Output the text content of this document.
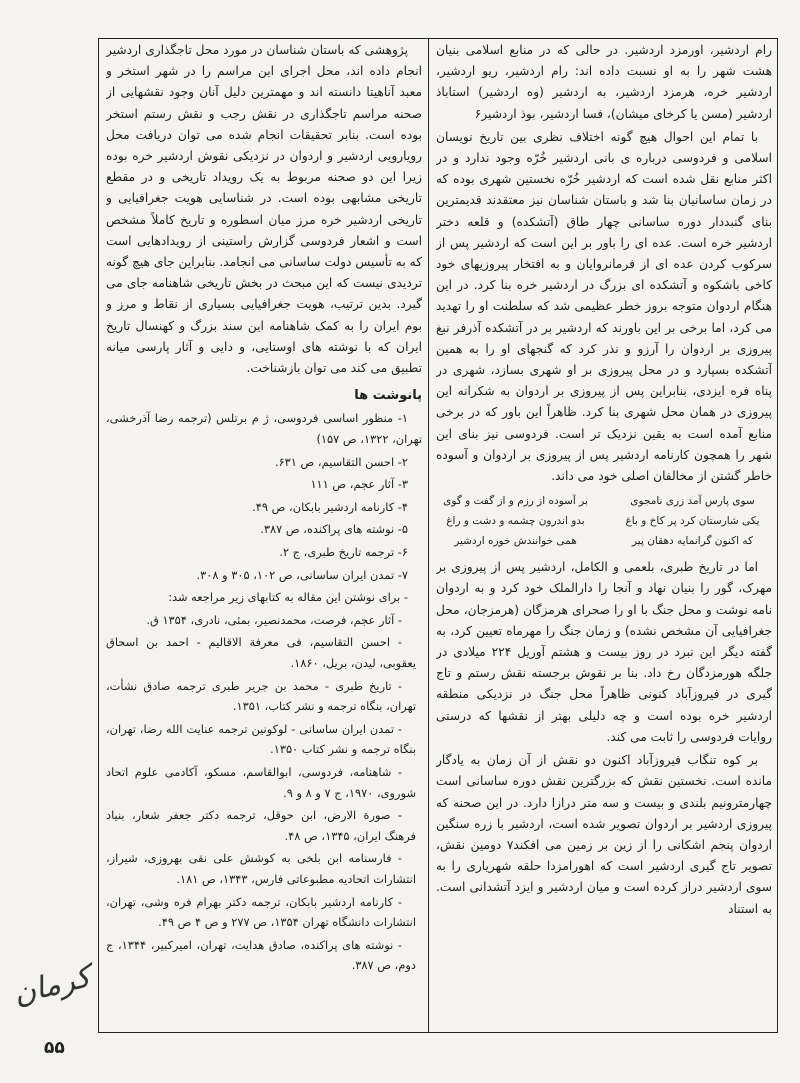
رام اردشیر، اورمزد اردشیر. در حالی که در منابع اسلامی بنیان هشت شهر را به او نسبت داده اند: رام اردشیر، ریو اردشیر، اردشیر خره، هرمزد اردشیر، به اردشیر (وه اردشیر) استاباذ اردشیر (مسن یا کرخای میشان)، فسا اردشیر، بوذ اردشیر۶

با تمام این احوال هیچ گونه اختلاف نظری بین تاریخ نویسان اسلامی و فردوسی درباره ی بانی اردشیر خُرّه وجود ندارد و در اکثر منابع نقل شده است که اردشیر خُرّه نخستین شهری بوده که در زمان ساسانیان بنا شد و باستان شناسان نیز معتقدند قدیمترین بنای گنبددار دوره ساسانی چهار طاق (آتشکده) و قلعه دختر اردشیر خره است. عده ای را باور بر این است که اردشیر پس از سرکوب کردن عده ای از فرمانروایان و به افتخار پیروزیهای خود کاخی باشکوه و آتشکده ای بزرگ در اردشیر خره بنا کرد. در این هنگام اردوان متوجه بروز خطر عظیمی شد که سلطنت او را تهدید می کرد، اما برخی بر این باورند که اردشیر بر در آتشکده آذرفر نبغ پیروزی بر اردوان را آرزو و نذر کرد که گنجهای او را به همین آتشکده بسپارد و در محل پیروزی بر او شهری بسازد، شهری در پناه فره ایزدی، بنابراین پس از پیروزی بر اردوان به شکرانه این پیروزی در همان محل شهری بنا کرد. ظاهراً این باور که در برخی منابع آمده است به یقین نزدیک تر است. فردوسی نیز بنای این شهر را همچون کارنامه اردشیر پس از پیروزی بر اردوان و آسوده خاطر گشتن از مخالفان اصلی خود می داند.

سوی پارس آمد زری نامجوی
بر آسوده از رزم و از گفت و گوی
یکی شارستان کرد پر کاخ و باغ
بدو اندرون چشمه و دشت و راغ
که اکنون گرانمایه دهقان پیر
همی خوانندش خوره اردشیر

اما در تاریخ طبری، بلعمی و الکامل، اردشیر پس از پیروزی بر مهرک، گور را بنیان نهاد و آنجا را دارالملک خود کرد و به اردوان نامه نوشت و محل جنگ با او را صحرای هرمزگان (هرمزجان، محل جغرافیایی آن مشخص نشده) و زمان جنگ را مهرماه تعیین کرد، به گفته دیگر این نبرد در روز بیست و هشتم آوریل ۲۲۴ میلادی در جلگه هورمزدگان رخ داد. بنا بر نقوش برجسته نقش رستم و تاج گیری در فیروزآباد کنونی ظاهراً محل جنگ در نزدیکی منطقه اردشیر خره بوده است و چه دلیلی بهتر از نقشها که درستی روایات فردوسی را ثابت می کند.

بر کوه تنگاب فیروزآباد اکنون دو نقش از آن زمان به یادگار مانده است. نخستین نقش که بزرگترین نقش دوره ساسانی است چهارمترونیم بلندی و بیست و سه متر درازا دارد. در این صحنه که پیروزی اردشیر بر اردوان تصویر شده است، اردشیر با زره سنگین اردوان پنجم اشکانی را از زین بر زمین می افکند۷ دومین نقش، تصویر تاج گیری اردشیر است که اهورامزدا حلقه شهریاری را به سوی اردشیر دراز کرده است و میان اردشیر و ایزد آتشدانی است. به استناد

پژوهشی که باستان شناسان در مورد محل تاجگذاری اردشیر انجام داده اند، محل اجرای این مراسم را در شهر استخر و معبد آناهیتا دانسته اند و مهمترین دلیل آنان وجود نقشهایی از صحنه مراسم تاجگذاری در نقش رجب و نقش رستم استخر بوده است. بنابر تحقیقات انجام شده می توان دریافت محل رویارویی اردشیر و اردوان در نزدیکی نقوش اردشیر خره بوده زیرا این دو صحنه مربوط به یک رویداد تاریخی و در مقطع تاریخی مشابهی بوده است. در شناسایی هویت جغرافیایی و تاریخی اردشیر خره مرز میان اسطوره و تاریخ کاملاً مشخص است و اشعار فردوسی گزارش راستینی از رویدادهایی است که به تأسیس دولت ساسانی می انجامد. بنابراین جای هیچ گونه تردیدی نیست که این مبحث در بخش تاریخی شاهنامه جای می گیرد. بدین ترتیب، هویت جغرافیایی بسیاری از نقاط و مرز و بوم ایران را به کمک شاهنامه این سند بزرگ و کهنسال تاریخ ایران که با نوشته های اوستایی، و دایی و آثار پارسی میانه تطبیق می کند می توان بازشناخت.

پانوشت ها

۱- منظور اساسی فردوسی، ژ م برتلس (ترجمه رضا آذرخشی، تهران، ۱۳۲۲، ص ۱۵۷)

۲- احسن التقاسیم، ص ۶۳۱.

۳- آثار عجم، ص ۱۱۱

۴- کارنامه اردشیر بابکان، ص ۴۹.

۵- نوشته های پراکنده، ص ۳۸۷.

۶- ترجمه تاریخ طبری، ج ۲.

۷- تمدن ایران ساسانی، ص ۱۰۲، ۳۰۵ و ۳۰۸.

- برای نوشتن این مقاله به کتابهای زیر مراجعه شد:

- آثار عجم، فرصت، محمدنصیر، بمئی، نادری، ۱۳۵۴ ق.

- احسن التقاسیم، فی معرفة الاقالیم - احمد بن اسحاق یعقوبی، لیدن، بریل، ۱۸۶۰.

- تاریخ طبری - محمد بن جریر طبری ترجمه صادق نشأت، تهران، بنگاه ترجمه و نشر کتاب، ۱۳۵۱.

- تمدن ایران ساسانی - لوکونین ترجمه عنایت الله رضا، تهران، بنگاه ترجمه و نشر کتاب ۱۳۵۰.

- شاهنامه، فردوسی، ابوالقاسم، مسکو، آکادمی علوم اتحاد شوروی، ۱۹۷۰، ج ۷ و ۸ و ۹.

- صورة الارض، ابن حوقل، ترجمه دکتر جعفر شعار، بنیاد فرهنگ ایران، ۱۳۴۵، ص ۴۸.

- فارسنامه ابن بلخی به کوشش علی نقی بهروزی، شیراز، انتشارات اتحادیه مطبوعاتی فارس، ۱۳۴۳، ص ۱۸۱.

- کارنامه اردشیر بابکان، ترجمه دکتر بهرام فره وشی، تهران، انتشارات دانشگاه تهران ۱۳۵۴، ص ۲۷۷ و ص ۴ ص ۴۹.

- نوشته های پراکنده، صادق هدایت، تهران، امیرکبیر، ۱۳۴۴، ج دوم، ص ۳۸۷.

کرمان
۵۵
